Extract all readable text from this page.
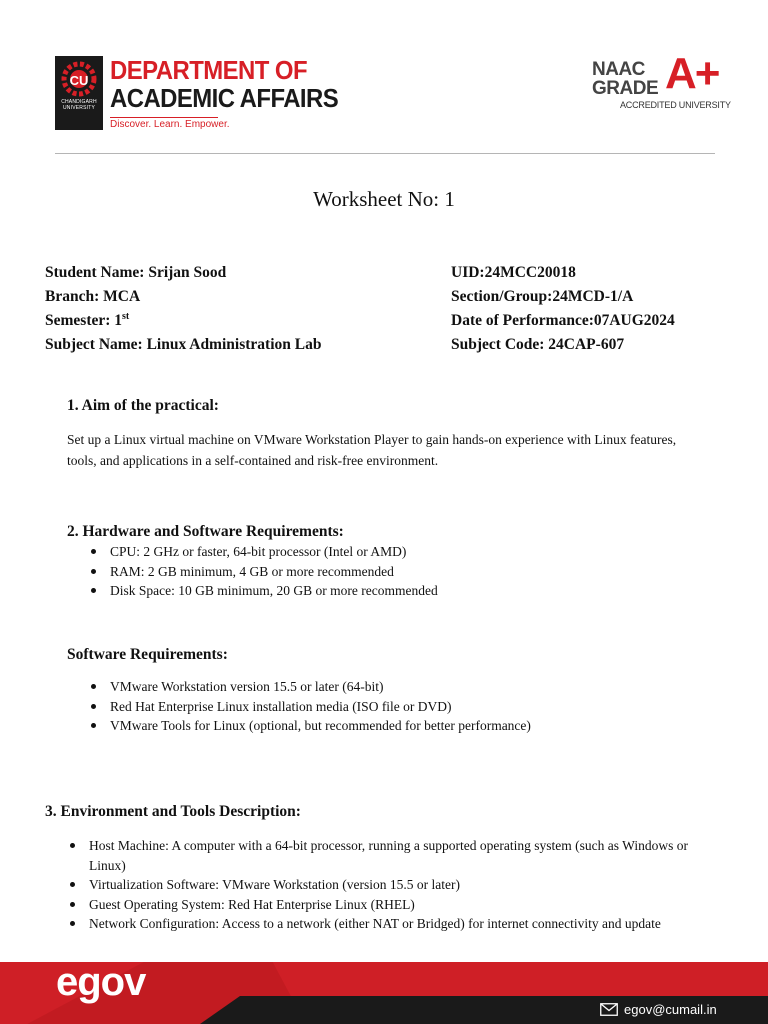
CU
CHANDIGARH
UNIVERSITY
DEPARTMENT OF
ACADEMIC AFFAIRS
Discover. Learn. Empower.
NAAC
GRADE A+
ACCREDITED UNIVERSITY
Worksheet No: 1
Student Name: Srijan Sood
Branch: MCA
Semester: 1st
Subject Name: Linux Administration Lab
UID:24MCC20018
Section/Group:24MCD-1/A
Date of Performance:07AUG2024
Subject Code: 24CAP-607
1. Aim of the practical:
Set up a Linux virtual machine on VMware Workstation Player to gain hands-on experience with Linux features, tools, and applications in a self-contained and risk-free environment.
2. Hardware and Software Requirements:
CPU: 2 GHz or faster, 64-bit processor (Intel or AMD)
RAM: 2 GB minimum, 4 GB or more recommended
Disk Space: 10 GB minimum, 20 GB or more recommended
Software Requirements:
VMware Workstation version 15.5 or later (64-bit)
Red Hat Enterprise Linux installation media (ISO file or DVD)
VMware Tools for Linux (optional, but recommended for better performance)
3. Environment and Tools Description:
Host Machine: A computer with a 64-bit processor, running a supported operating system (such as Windows or Linux)
Virtualization Software: VMware Workstation (version 15.5 or later)
Guest Operating System: Red Hat Enterprise Linux (RHEL)
Network Configuration: Access to a network (either NAT or Bridged) for internet connectivity and update
egov
egov@cumail.in
